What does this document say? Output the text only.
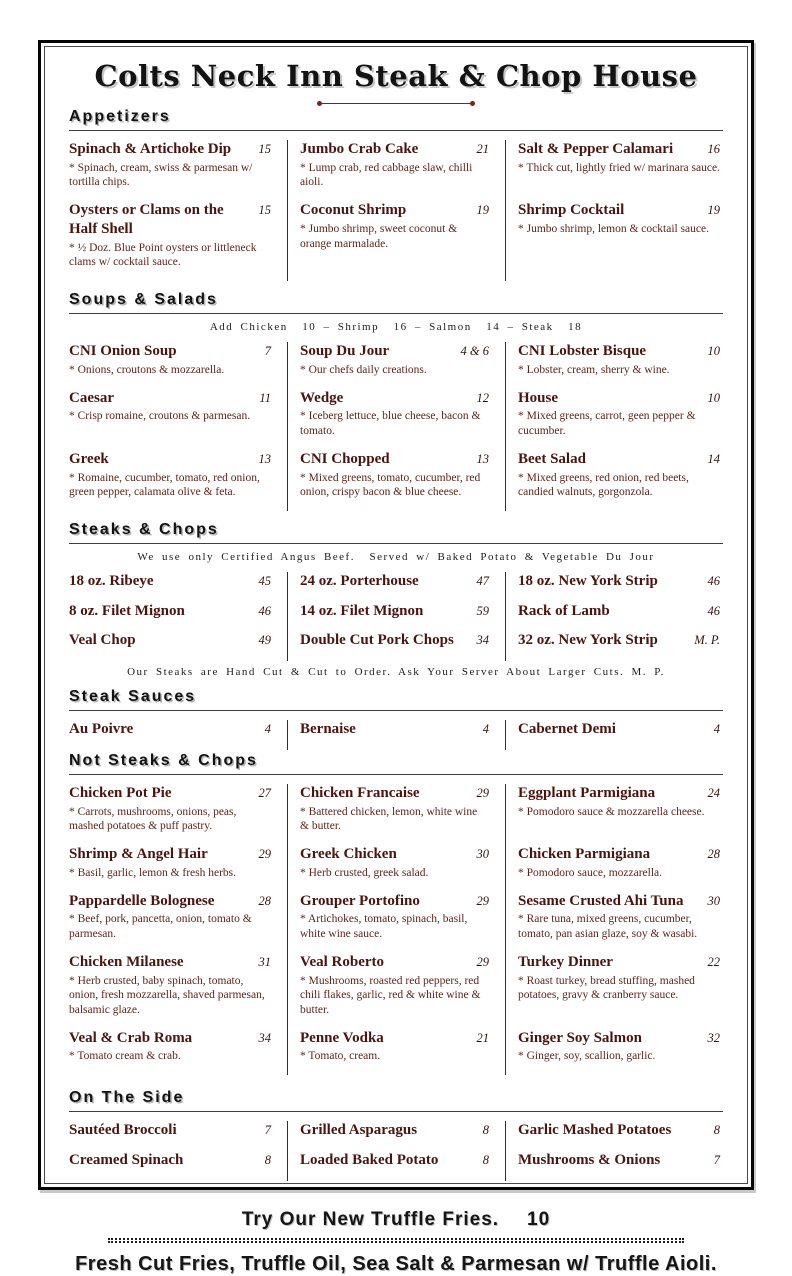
Colts Neck Inn Steak & Chop House
Appetizers
Spinach & Artichoke Dip 15
* Spinach, cream, swiss & parmesan w/ tortilla chips.
Oysters or Clams on the Half Shell
15
* ½ Doz. Blue Point oysters or littleneck clams w/ cocktail sauce.
Jumbo Crab Cake	21
* Lump crab, red cabbage slaw, chilli aioli.
Coconut Shrimp	19
* Jumbo shrimp, sweet coconut & orange marmalade.
Salt & Pepper Calamari	16
* Thick cut, lightly fried w/ marinara sauce.
Shrimp Cocktail	19
* Jumbo shrimp, lemon & cocktail sauce.
Soups & Salads
Add Chicken  10 – Shrimp  16 – Salmon  14 – Steak  18
CNI Onion Soup	7
* Onions, croutons & mozzarella.
Caesar	11
* Crisp romaine, croutons & parmesan.
Greek	13
* Romaine, cucumber, tomato, red onion, green pepper, calamata olive & feta.
Soup Du Jour	4 & 6
* Our chefs daily creations.
Wedge	12
* Iceberg lettuce, blue cheese, bacon & tomato.
CNI Chopped	13
* Mixed greens, tomato, cucumber, red onion, crispy bacon & blue cheese.
CNI Lobster Bisque	10
* Lobster, cream, sherry & wine.
House	10
* Mixed greens, carrot, geen pepper & cucumber.
Beet Salad	14
* Mixed greens, red onion, red beets, candied walnuts, gorgonzola.
Steaks & Chops
We use only Certified Angus Beef.  Served w/ Baked Potato & Vegetable Du Jour
18 oz. Ribeye	45
8 oz. Filet Mignon	46
Veal Chop	49
24 oz. Porterhouse	47
14 oz. Filet Mignon	59
Double Cut Pork Chops 34
18 oz. New York Strip	46
Rack of Lamb	46
32 oz. New York Strip	M. P.
Our Steaks are Hand Cut & Cut to Order. Ask Your Server About Larger Cuts. M. P.
Steak Sauces
Au Poivre	4 Bernaise	4 Cabernet Demi	4
Not Steaks & Chops
Chicken Pot Pie	27
* Carrots, mushrooms, onions, peas, mashed potatoes & puff pastry.
Shrimp & Angel Hair	29
* Basil, garlic, lemon & fresh herbs.
Pappardelle Bolognese	28
* Beef, pork, pancetta, onion, tomato & parmesan.
Chicken Milanese	31
* Herb crusted, baby spinach, tomato, onion, fresh mozzarella, shaved parmesan, balsamic glaze.
Veal & Crab Roma	34
* Tomato cream & crab.
Chicken Francaise	29
* Battered chicken, lemon, white wine & butter.
Greek Chicken	30
* Herb crusted, greek salad.
Grouper Portofino	29
* Artichokes, tomato, spinach, basil, white wine sauce.
Veal Roberto	29
* Mushrooms, roasted red peppers, red chili flakes, garlic, red & white wine & butter.
Penne Vodka	21
* Tomato, cream.
Eggplant Parmigiana	24
* Pomodoro sauce & mozzarella cheese.
Chicken Parmigiana	28
* Pomodoro sauce, mozzarella.
Sesame Crusted Ahi Tuna 30
* Rare tuna, mixed greens, cucumber, tomato, pan asian glaze, soy & wasabi.
Turkey Dinner	22
* Roast turkey, bread stuffing, mashed potatoes, gravy & cranberry sauce.
Ginger Soy Salmon	32
* Ginger, soy, scallion, garlic.
On The Side
Sautéed Broccoli	7
Creamed Spinach	8
Grilled Asparagus	8
Loaded Baked Potato	8
Garlic Mashed Potatoes	8
Mushrooms & Onions	7
Try Our New Truffle Fries. 10
Fresh Cut Fries, Truffle Oil, Sea Salt & Parmesan w/ Truffle Aioli.
